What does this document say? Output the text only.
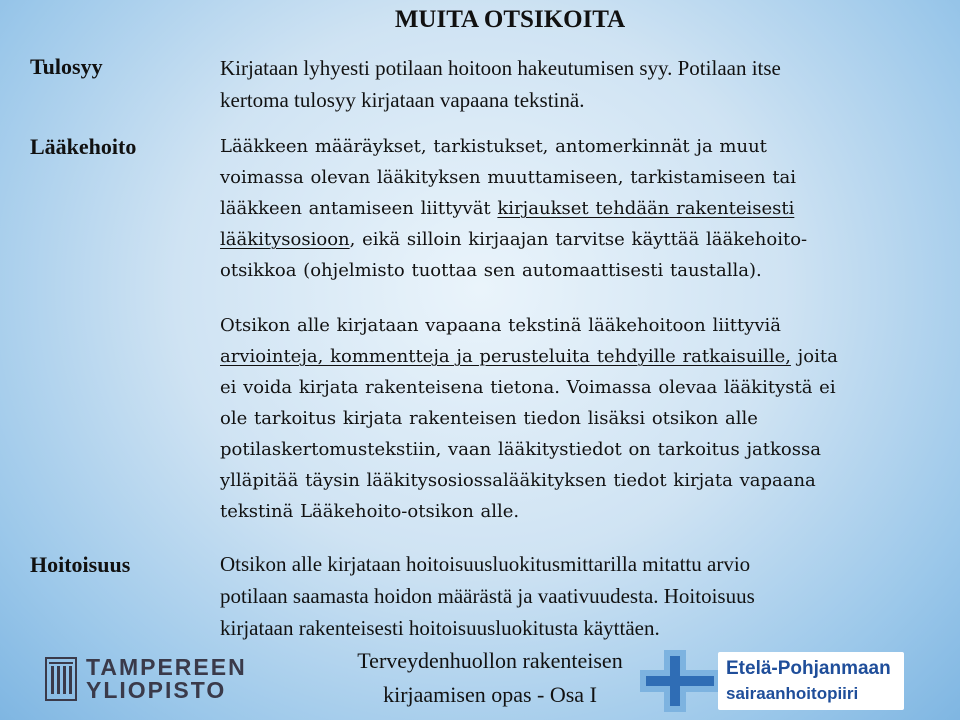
MUITA OTSIKOITA
Tulosyy	Kirjataan lyhyesti potilaan hoitoon hakeutumisen syy. Potilaan itse
kertoma tulosyy kirjataan vapaana tekstinä.
Lääkehoito	Lääkkeen määräykset, tarkistukset, antomerkinnät ja muut
voimassa olevan lääkityksen muuttamiseen, tarkistamiseen tai
lääkkeen antamiseen liittyvät kirjaukset tehdään rakenteisesti
lääkitysosioon, eikä silloin kirjaajan tarvitse käyttää lääkehoito-
otsikkoa (ohjelmisto tuottaa sen automaattisesti taustalla).
Otsikon alle kirjataan vapaana tekstinä lääkehoitoon liittyviä
arviointeja, kommentteja ja perusteluita tehdyille ratkaisuille, joita
ei voida kirjata rakenteisena tietona. Voimassa olevaa lääkitystä ei
ole tarkoitus kirjata rakenteisen tiedon lisäksi otsikon alle
potilaskertomustekstiin, vaan lääkitystiedot on tarkoitus jatkossa
ylläpitää täysin lääkitysosiossalääkityksen tiedot kirjata vapaana
tekstinä Lääkehoito-otsikon alle.
Hoitoisuus	Otsikon alle kirjataan hoitoisuusluokitusmittarilla mitattu arvio
potilaan saamasta hoidon määrästä ja vaativuudesta. Hoitoisuus
kirjataan rakenteisesti hoitoisuusluokitusta käyttäen.
TAMPEREEN
YLIOPISTO
Terveydenhuollon rakenteisen
kirjaamisen opas - Osa I
Etelä-Pohjanmaan
sairaanhoitopiiri
